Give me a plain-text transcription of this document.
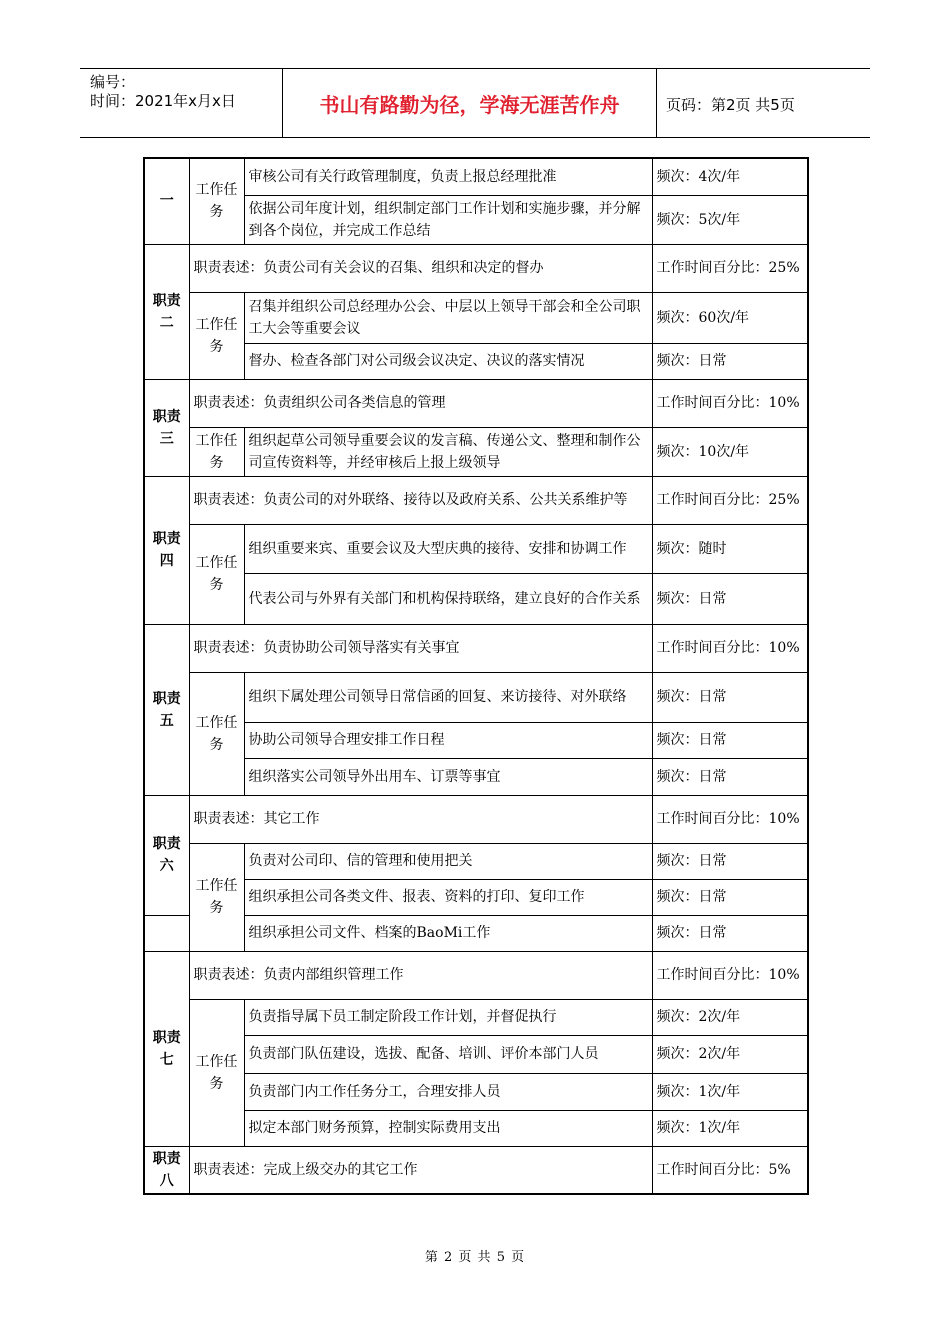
编号：
时间：2021年x月x日	书山有路勤为径，学海无涯苦作舟	页码：第2页 共5页
一	工作任务	审核公司有关行政管理制度，负责上报总经理批准	频次：4次/年
		依据公司年度计划，组织制定部门工作计划和实施步骤，并分解到各个岗位，并完成工作总结	频次：5次/年
职责二	职责表述：负责公司有关会议的召集、组织和决定的督办		工作时间百分比：25%
	工作任务	召集并组织公司总经理办公会、中层以上领导干部会和全公司职工大会等重要会议	频次：60次/年
		督办、检查各部门对公司级会议决定、决议的落实情况	频次：日常
职责三	职责表述：负责组织公司各类信息的管理		工作时间百分比：10%
	工作任务	组织起草公司领导重要会议的发言稿、传递公文、整理和制作公司宣传资料等，并经审核后上报上级领导	频次：10次/年
职责四	职责表述：负责公司的对外联络、接待以及政府关系、公共关系维护等		工作时间百分比：25%
	工作任务	组织重要来宾、重要会议及大型庆典的接待、安排和协调工作	频次：随时
		代表公司与外界有关部门和机构保持联络，建立良好的合作关系	频次：日常
职责五	职责表述：负责协助公司领导落实有关事宜		工作时间百分比：10%
	工作任务	组织下属处理公司领导日常信函的回复、来访接待、对外联络	频次：日常
		协助公司领导合理安排工作日程	频次：日常
		组织落实公司领导外出用车、订票等事宜	频次：日常
职责六	职责表述：其它工作		工作时间百分比：10%
	工作任务	负责对公司印、信的管理和使用把关	频次：日常
		组织承担公司各类文件、报表、资料的打印、复印工作	频次：日常
		组织承担公司文件、档案的BaoMi工作	频次：日常
职责七	职责表述：负责内部组织管理工作		工作时间百分比：10%
	工作任务	负责指导属下员工制定阶段工作计划，并督促执行	频次：2次/年
		负责部门队伍建设，选拔、配备、培训、评价本部门人员	频次：2次/年
		负责部门内工作任务分工，合理安排人员	频次：1次/年
		拟定本部门财务预算，控制实际费用支出	频次：1次/年
职责八	职责表述：完成上级交办的其它工作		工作时间百分比：5%
第 2 页 共 5 页
